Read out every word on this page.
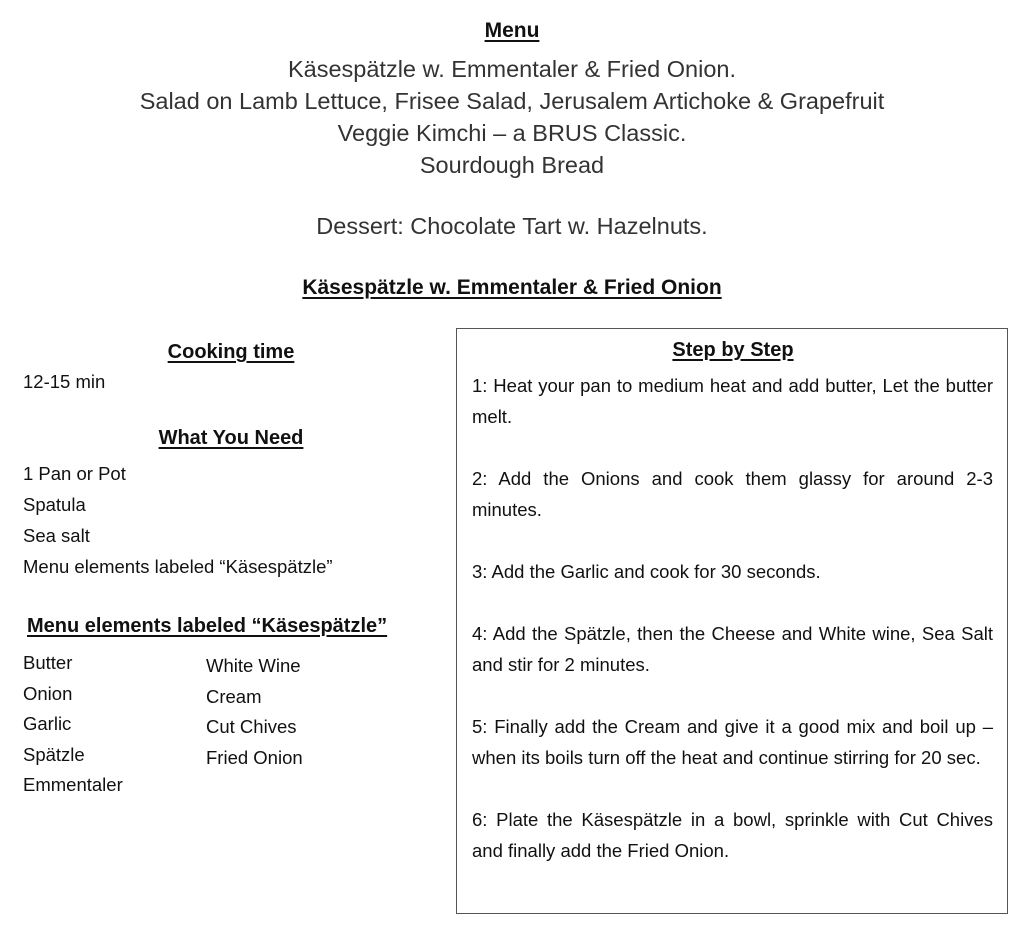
Menu
Käsespätzle w. Emmentaler & Fried Onion.
Salad on Lamb Lettuce, Frisee Salad, Jerusalem Artichoke & Grapefruit
Veggie Kimchi – a BRUS Classic.
Sourdough Bread
Dessert: Chocolate Tart w. Hazelnuts.
Käsespätzle w. Emmentaler & Fried Onion
Cooking time
12-15 min
What You Need
1 Pan or Pot
Spatula
Sea salt
Menu elements labeled “Käsespätzle”
Menu elements labeled “Käsespätzle”
Butter
Onion
Garlic
Spätzle
Emmentaler
White Wine
Cream
Cut Chives
Fried Onion
Step by Step

1: Heat your pan to medium heat and add butter, Let the butter melt.

2: Add the Onions and cook them glassy for around 2-3 minutes.

3: Add the Garlic and cook for 30 seconds.

4: Add the Spätzle, then the Cheese and White wine, Sea Salt and stir for 2 minutes.

5: Finally add the Cream and give it a good mix and boil up – when its boils turn off the heat and continue stirring for 20 sec.

6: Plate the Käsespätzle in a bowl, sprinkle with Cut Chives and finally add the Fried Onion.
